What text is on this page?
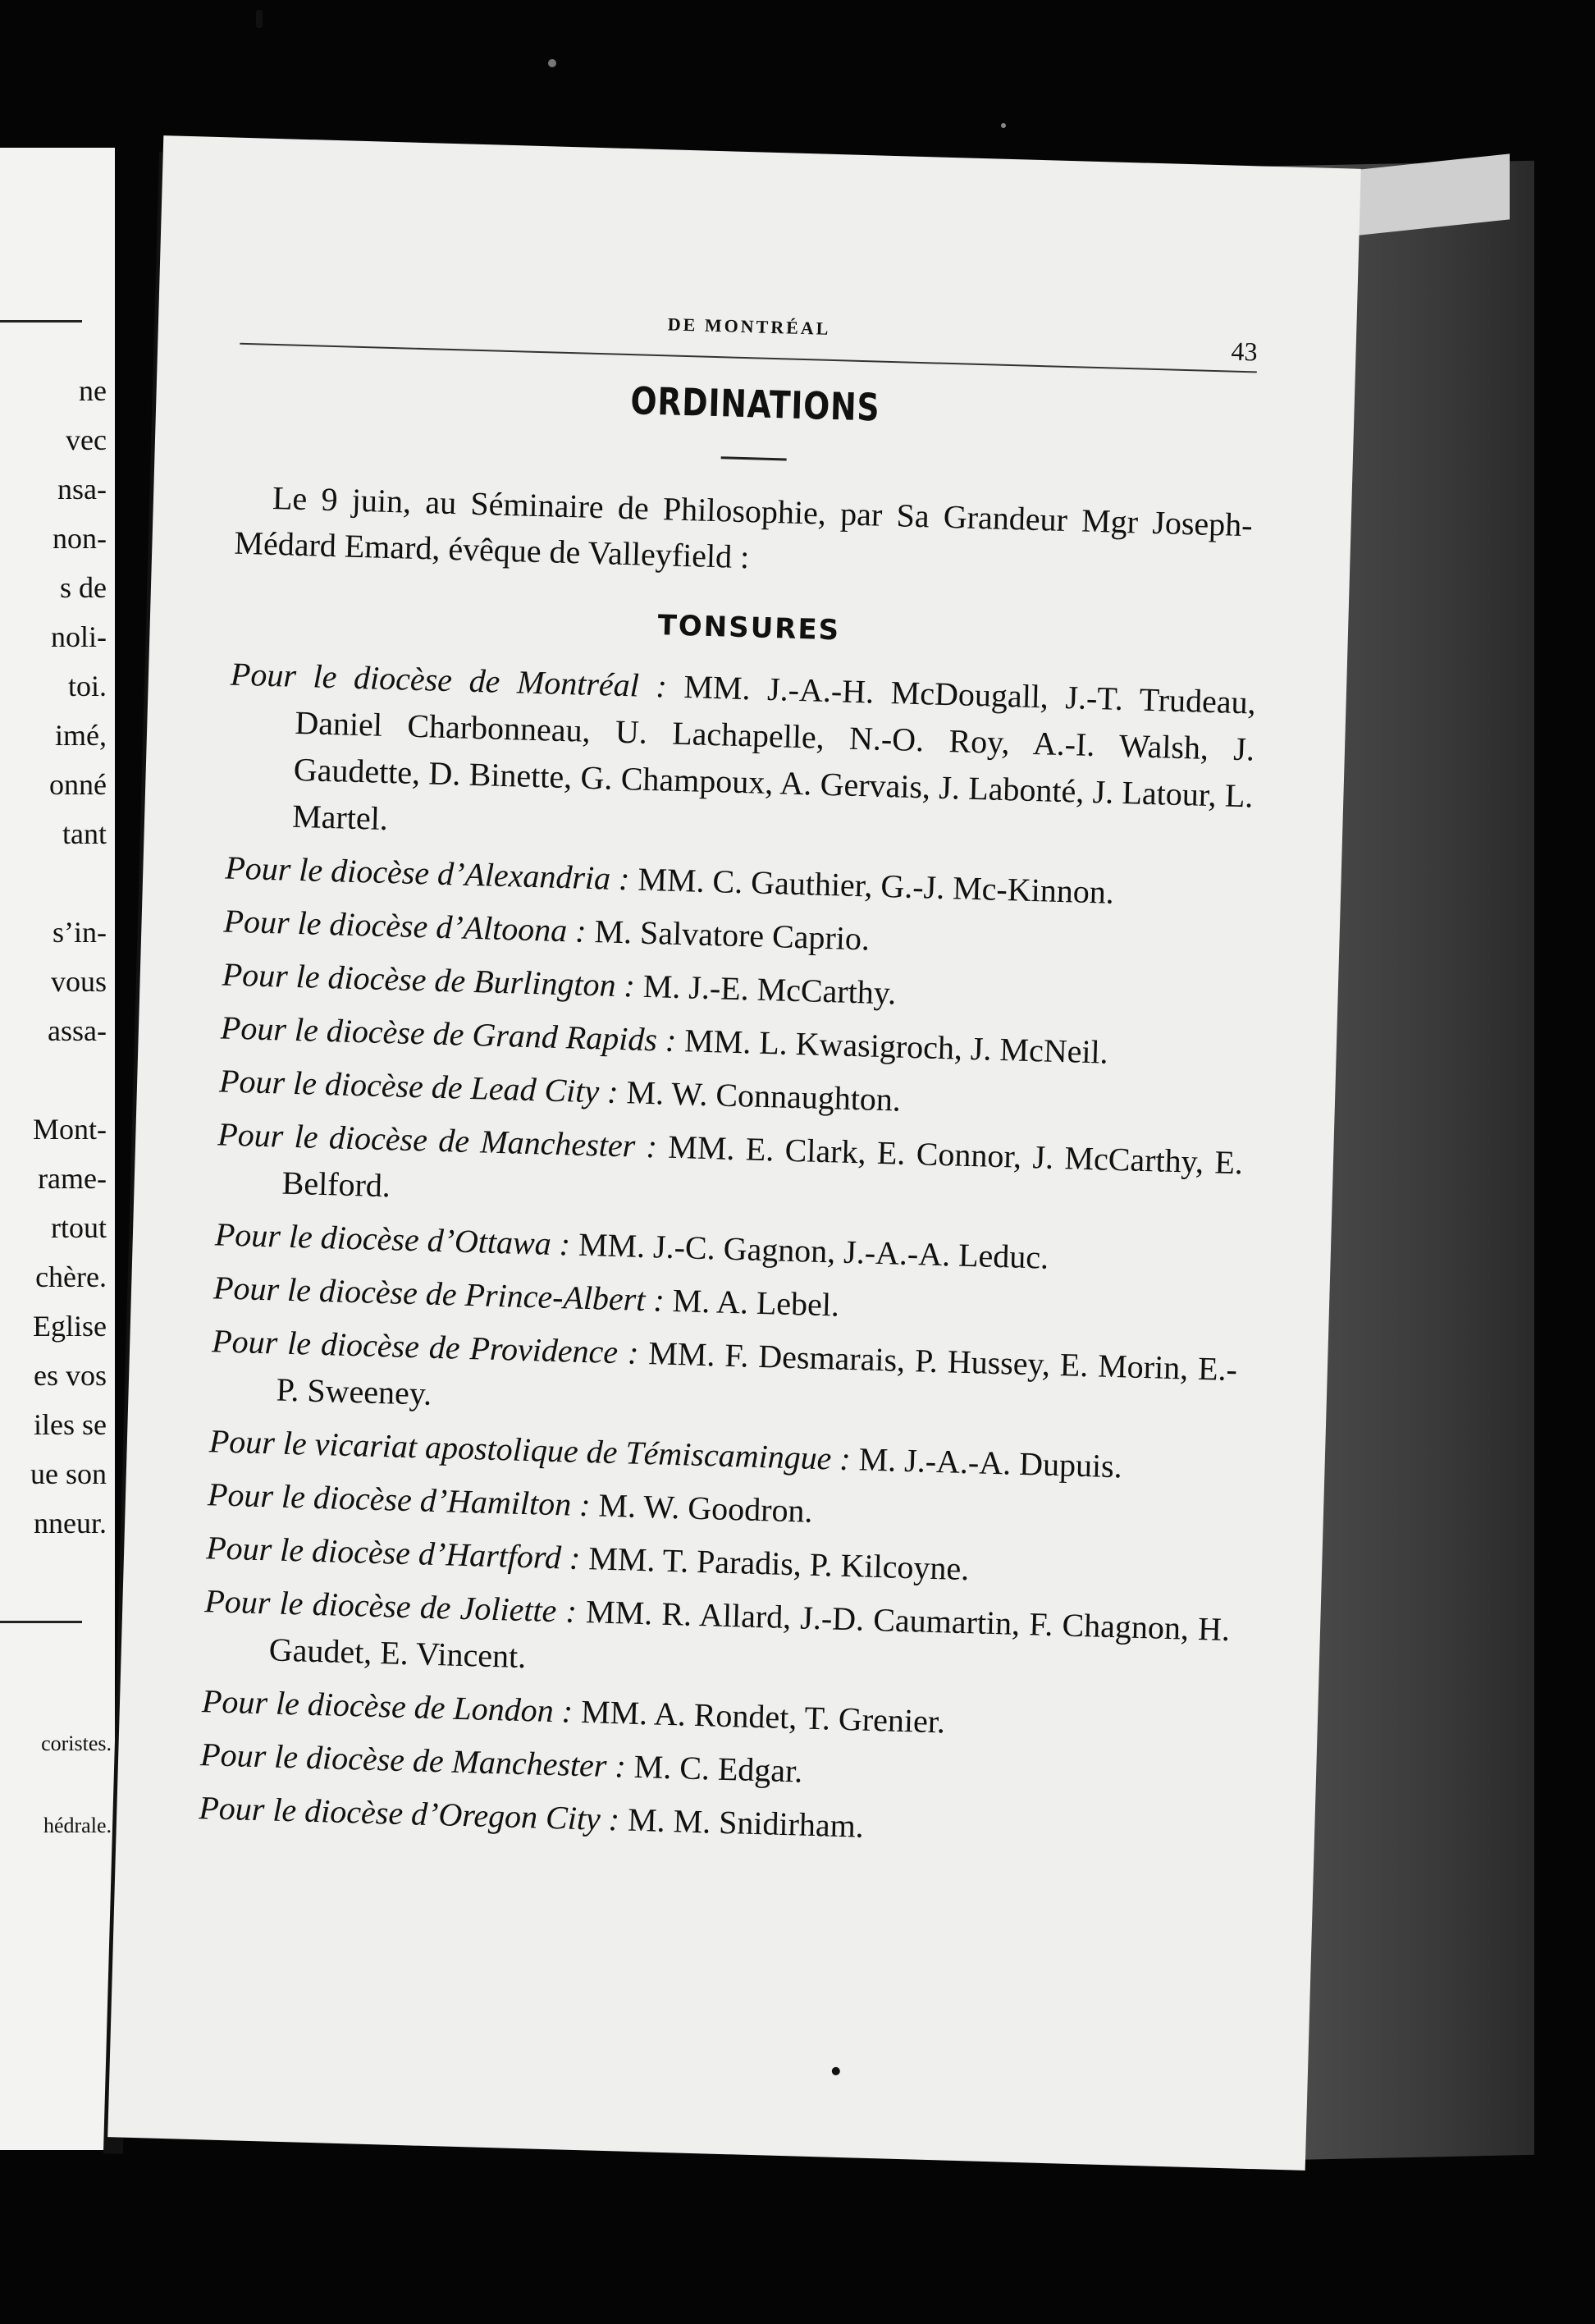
ne
vec
nsa-
non-
s de
noli-
toi.
imé,
onné
tant
s’in-
vous
assa-
Mont-
rame-
rtout
chère.
Eglise
es vos
iles se
ue son
nneur.
coristes.
hédrale.
DE MONTRÉAL
43
ORDINATIONS
Le 9 juin, au Séminaire de Philosophie, par Sa Grandeur Mgr Joseph-Médard Emard, évêque de Valleyfield :
TONSURES
Pour le diocèse de Montréal : MM. J.-A.-H. McDougall, J.-T. Trudeau, Daniel Charbonneau, U. Lachapelle, N.-O. Roy, A.-I. Walsh, J. Gaudette, D. Binette, G. Champoux, A. Gervais, J. Labonté, J. Latour, L. Martel.
Pour le diocèse d’Alexandria : MM. C. Gauthier, G.-J. Mc-Kinnon.
Pour le diocèse d’Altoona : M. Salvatore Caprio.
Pour le diocèse de Burlington : M. J.-E. McCarthy.
Pour le diocèse de Grand Rapids : MM. L. Kwasigroch, J. McNeil.
Pour le diocèse de Lead City : M. W. Connaughton.
Pour le diocèse de Manchester : MM. E. Clark, E. Connor, J. McCarthy, E. Belford.
Pour le diocèse d’Ottawa : MM. J.-C. Gagnon, J.-A.-A. Leduc.
Pour le diocèse de Prince-Albert : M. A. Lebel.
Pour le diocèse de Providence : MM. F. Desmarais, P. Hussey, E. Morin, E.-P. Sweeney.
Pour le vicariat apostolique de Témiscamingue : M. J.-A.-A. Dupuis.
Pour le diocèse d’Hamilton : M. W. Goodron.
Pour le diocèse d’Hartford : MM. T. Paradis, P. Kilcoyne.
Pour le diocèse de Joliette : MM. R. Allard, J.-D. Caumartin, F. Chagnon, H. Gaudet, E. Vincent.
Pour le diocèse de London : MM. A. Rondet, T. Grenier.
Pour le diocèse de Manchester : M. C. Edgar.
Pour le diocèse d’Oregon City : M. M. Snidirham.
